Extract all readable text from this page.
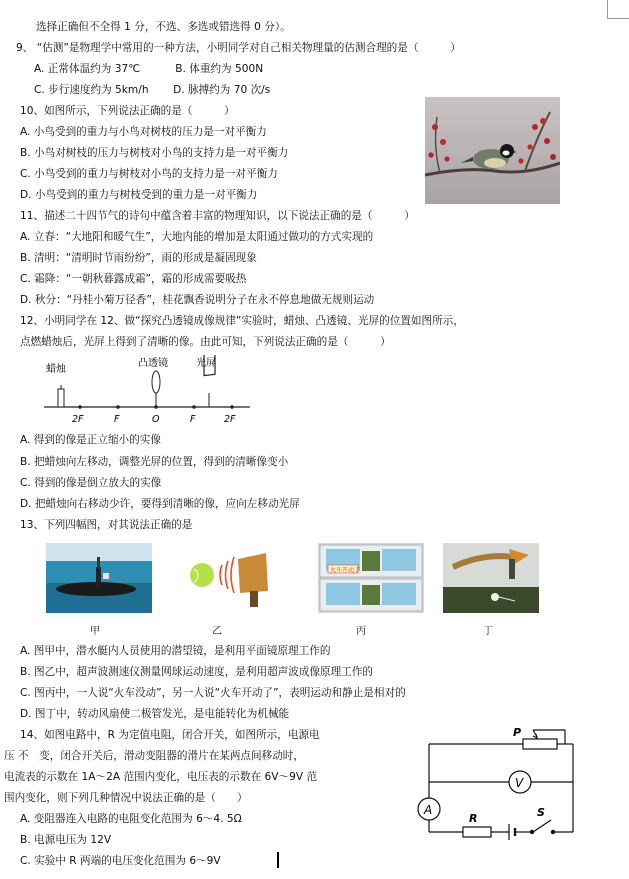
选择正确但不全得 1 分，不选、多选或错选得 0 分）。
9、 “估测”是物理学中常用的一种方法，小明同学对自己相关物理量的估测合理的是（　　　）
A. 正常体温约为 37℃　　　 B. 体重约为 500N
C. 步行速度约为 5km/h　　 D. 脉搏约为 70 次/s
10、如图所示，下列说法正确的是（　　　）
A. 小鸟受到的重力与小鸟对树枝的压力是一对平衡力
B. 小鸟对树枝的压力与树枝对小鸟的支持力是一对平衡力
C. 小鸟受到的重力与树枝对小鸟的支持力是一对平衡力
D. 小鸟受到的重力与树枝受到的重力是一对平衡力
11、描述二十四节气的诗句中蕴含着丰富的物理知识，以下说法正确的是（　　　）
A. 立春：“大地阳和暖气生”，大地内能的增加是太阳通过做功的方式实现的
B. 清明：“清明时节雨纷纷”，雨的形成是凝固现象
C. 霜降：“一朝秋暮露成霜”，霜的形成需要吸热
D. 秋分：“丹桂小菊万径香”，桂花飘香说明分子在永不停息地做无规则运动
12、小明同学在 12、做“探究凸透镜成像规律”实验时，蜡烛、凸透镜、光屏的位置如图所示，
点燃蜡烛后，光屏上得到了清晰的像。由此可知，下列说法正确的是（　　　）
蜡烛
凸透镜	光屏
2F	F	O	F	2F
A. 得到的像是正立缩小的实像
B. 把蜡烛向左移动，调整光屏的位置，得到的清晰像变小
C. 得到的像是倒立放大的实像
D. 把蜡烛向右移动少许，要得到清晰的像，应向左移动光屏
13、下列四幅图，对其说法正确的是
火车开动了
甲	乙	丙	丁
A. 图甲中，潜水艇内人员使用的潜望镜，是利用平面镜原理工作的
B. 图乙中，超声波测速仪测量网球运动速度，是利用超声波成像原理工作的
C. 图丙中，一人说“火车没动”，另一人说“火车开动了”，表明运动和静止是相对的
D. 图丁中，转动风扇使二极管发光，是电能转化为机械能
14、如图电路中，R 为定值电阻，闭合开关，如图所示，电源电
压 不　变，闭合开关后，滑动变阻器的滑片在某两点间移动时，
电流表的示数在 1A～2A 范围内变化，电压表的示数在 6V～9V 范
围内变化，则下列几种情况中说法正确的是（　　）
A. 变阻器连入电路的电阻变化范围为 6～4. 5Ω
B. 电源电压为 12V
C. 实验中 R 两端的电压变化范围为 6～9V
P
V
A
R	S
